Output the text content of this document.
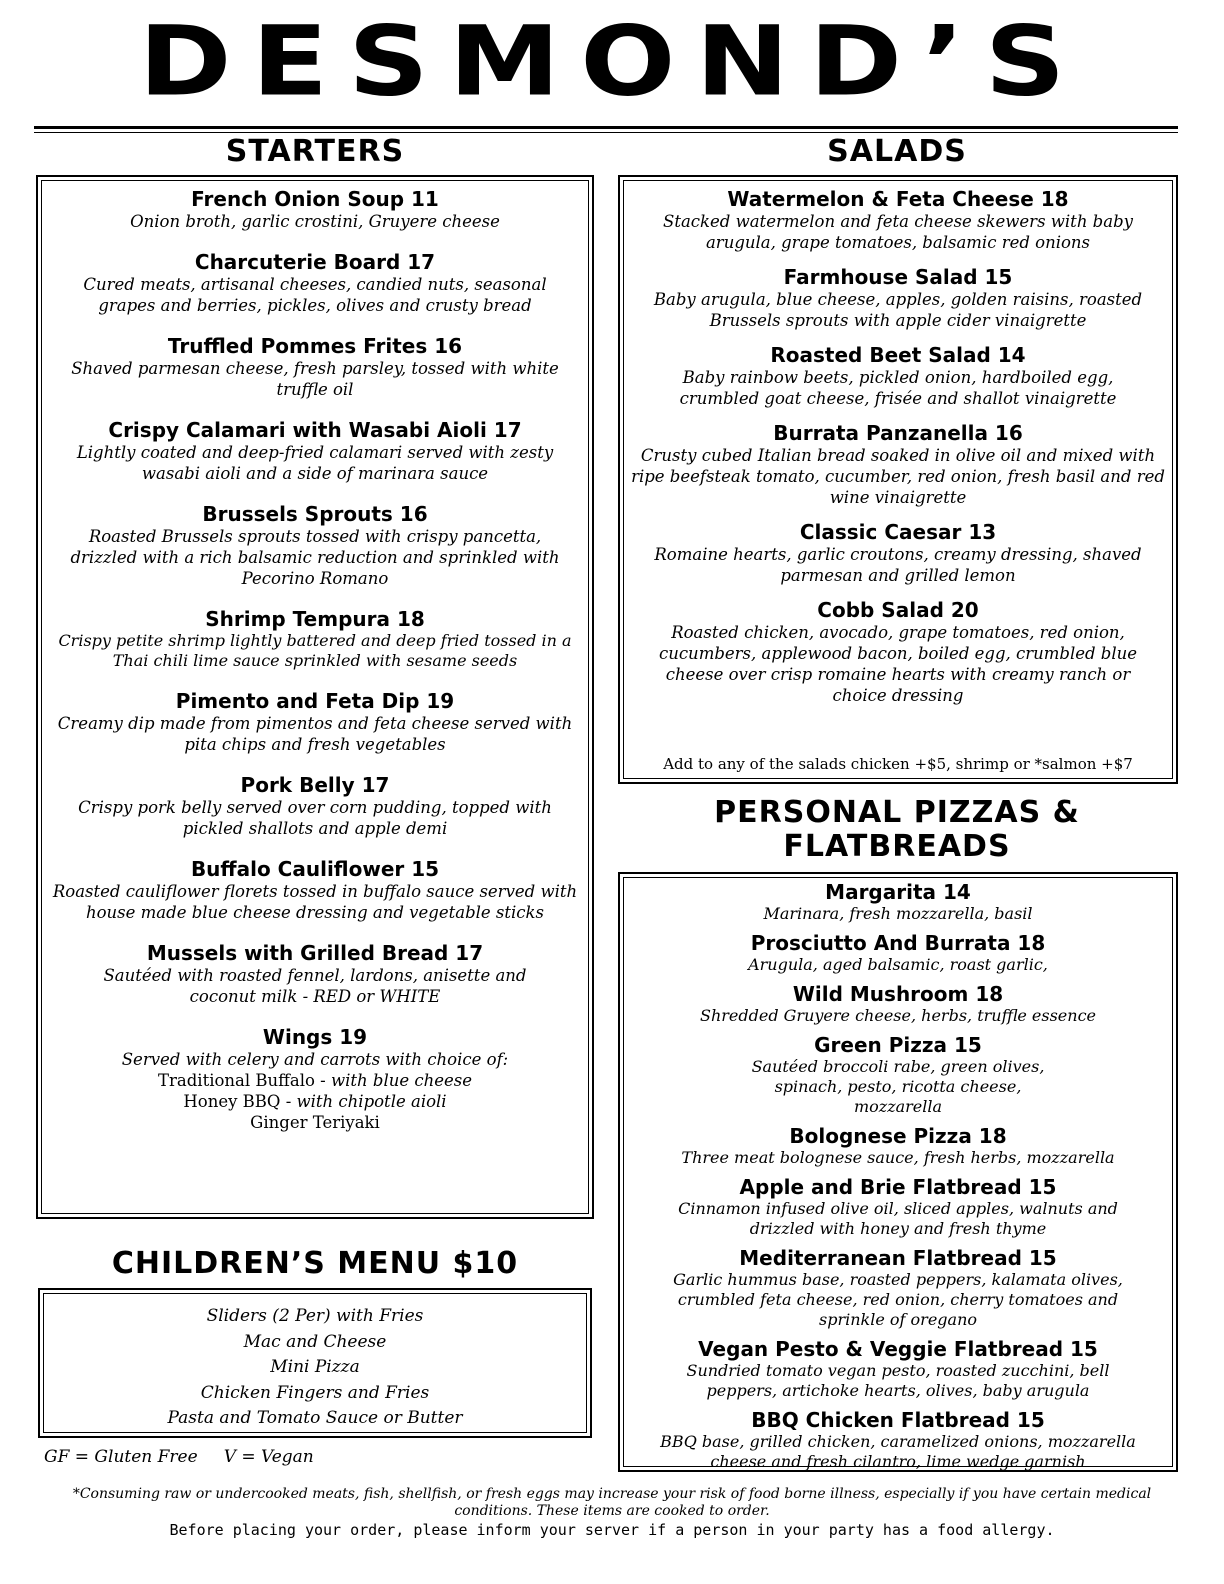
DESMOND’S
STARTERS
French Onion Soup 11
Onion broth, garlic crostini, Gruyere cheese
Charcuterie Board 17
Cured meats, artisanal cheeses, candied nuts, seasonal grapes and berries, pickles, olives and crusty bread
Truffled Pommes Frites 16
Shaved parmesan cheese, fresh parsley, tossed with white truffle oil
Crispy Calamari with Wasabi Aioli 17
Lightly coated and deep-fried calamari served with zesty wasabi aioli and a side of marinara sauce
Brussels Sprouts 16
Roasted Brussels sprouts tossed with crispy pancetta, drizzled with a rich balsamic reduction and sprinkled with Pecorino Romano
Shrimp Tempura 18
Crispy petite shrimp lightly battered and deep fried tossed in a Thai chili lime sauce sprinkled with sesame seeds
Pimento and Feta Dip 19
Creamy dip made from pimentos and feta cheese served with pita chips and fresh vegetables
Pork Belly 17
Crispy pork belly served over corn pudding, topped with pickled shallots and apple demi
Buffalo Cauliflower 15
Roasted cauliflower florets tossed in buffalo sauce served with house made blue cheese dressing and vegetable sticks
Mussels with Grilled Bread 17
Sautéed with roasted fennel, lardons, anisette and coconut milk - RED or WHITE
Wings 19
Served with celery and carrots with choice of:
Traditional Buffalo - with blue cheese
Honey BBQ - with chipotle aioli
Ginger Teriyaki
SALADS
Watermelon & Feta Cheese 18
Stacked watermelon and feta cheese skewers with baby arugula, grape tomatoes, balsamic red onions
Farmhouse Salad 15
Baby arugula, blue cheese, apples, golden raisins, roasted Brussels sprouts with apple cider vinaigrette
Roasted Beet Salad 14
Baby rainbow beets, pickled onion, hardboiled egg, crumbled goat cheese, frisée and shallot vinaigrette
Burrata Panzanella 16
Crusty cubed Italian bread soaked in olive oil and mixed with ripe beefsteak tomato, cucumber, red onion, fresh basil and red wine vinaigrette
Classic Caesar 13
Romaine hearts, garlic croutons, creamy dressing, shaved parmesan and grilled lemon
Cobb Salad 20
Roasted chicken, avocado, grape tomatoes, red onion, cucumbers, applewood bacon, boiled egg, crumbled blue cheese over crisp romaine hearts with creamy ranch or choice dressing
Add to any of the salads chicken +$5, shrimp or *salmon +$7
PERSONAL PIZZAS &
FLATBREADS
Margarita 14
Marinara, fresh mozzarella, basil
Prosciutto And Burrata 18
Arugula, aged balsamic, roast garlic,
Wild Mushroom 18
Shredded Gruyere cheese, herbs, truffle essence
Green Pizza 15
Sautéed broccoli rabe, green olives, spinach, pesto, ricotta cheese, mozzarella
Bolognese Pizza 18
Three meat bolognese sauce, fresh herbs, mozzarella
Apple and Brie Flatbread 15
Cinnamon infused olive oil, sliced apples, walnuts and drizzled with honey and fresh thyme
Mediterranean Flatbread 15
Garlic hummus base, roasted peppers, kalamata olives, crumbled feta cheese, red onion, cherry tomatoes and sprinkle of oregano
Vegan Pesto & Veggie Flatbread 15
Sundried tomato vegan pesto, roasted zucchini, bell peppers, artichoke hearts, olives, baby arugula
BBQ Chicken Flatbread 15
BBQ base, grilled chicken, caramelized onions, mozzarella cheese and fresh cilantro, lime wedge garnish
CHILDREN’S MENU $10
Sliders (2 Per) with Fries
Mac and Cheese
Mini Pizza
Chicken Fingers and Fries
Pasta and Tomato Sauce or Butter
GF = Gluten Free V = Vegan
*Consuming raw or undercooked meats, fish, shellfish, or fresh eggs may increase your risk of food borne illness, especially if you have certain medical conditions. These items are cooked to order.
Before placing your order, please inform your server if a person in your party has a food allergy.
